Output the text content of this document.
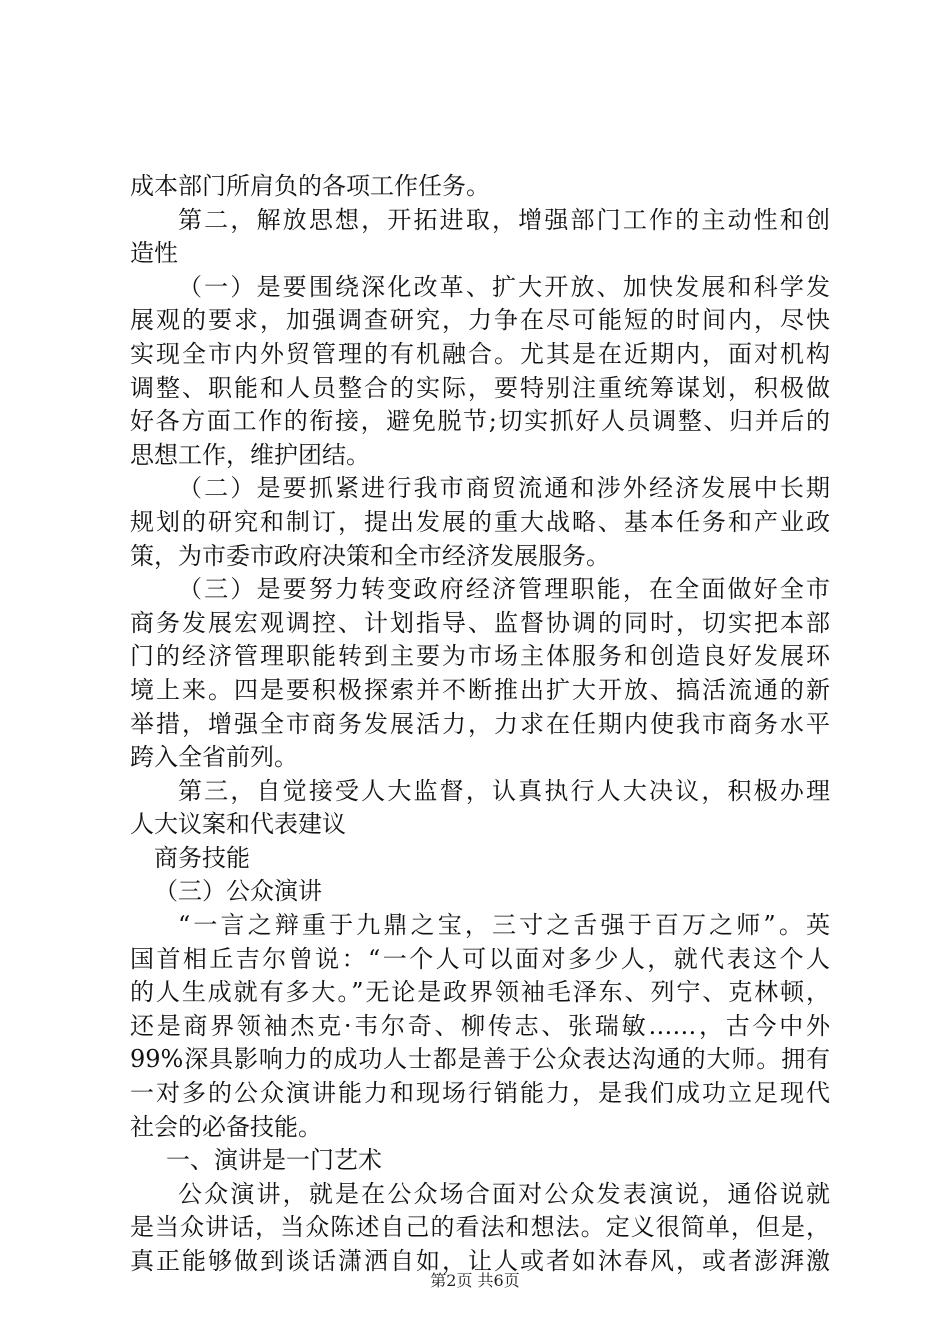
成本部门所肩负的各项工作任务。
第二，解放思想，开拓进取，增强部门工作的主动性和创
造性
（一）是要围绕深化改革、扩大开放、加快发展和科学发
展观的要求，加强调查研究，力争在尽可能短的时间内，尽快
实现全市内外贸管理的有机融合。尤其是在近期内，面对机构
调整、职能和人员整合的实际，要特别注重统筹谋划，积极做
好各方面工作的衔接，避免脱节;切实抓好人员调整、归并后的
思想工作，维护团结。
（二）是要抓紧进行我市商贸流通和涉外经济发展中长期
规划的研究和制订，提出发展的重大战略、基本任务和产业政
策，为市委市政府决策和全市经济发展服务。
（三）是要努力转变政府经济管理职能，在全面做好全市
商务发展宏观调控、计划指导、监督协调的同时，切实把本部
门的经济管理职能转到主要为市场主体服务和创造良好发展环
境上来。四是要积极探索并不断推出扩大开放、搞活流通的新
举措，增强全市商务发展活力，力求在任期内使我市商务水平
跨入全省前列。
第三，自觉接受人大监督，认真执行人大决议，积极办理
人大议案和代表建议
商务技能
（三）公众演讲
“一言之辩重于九鼎之宝，三寸之舌强于百万之师”。英
国首相丘吉尔曾说：“一个人可以面对多少人，就代表这个人
的人生成就有多大。”无论是政界领袖毛泽东、列宁、克林顿，
还是商界领袖杰克·韦尔奇、柳传志、张瑞敏……，古今中外
99%深具影响力的成功人士都是善于公众表达沟通的大师。拥有
一对多的公众演讲能力和现场行销能力，是我们成功立足现代
社会的必备技能。
一、演讲是一门艺术
公众演讲，就是在公众场合面对公众发表演说，通俗说就
是当众讲话，当众陈述自己的看法和想法。定义很简单，但是，
真正能够做到谈话潇洒自如，让人或者如沐春风，或者澎湃激
第2页 共6页
